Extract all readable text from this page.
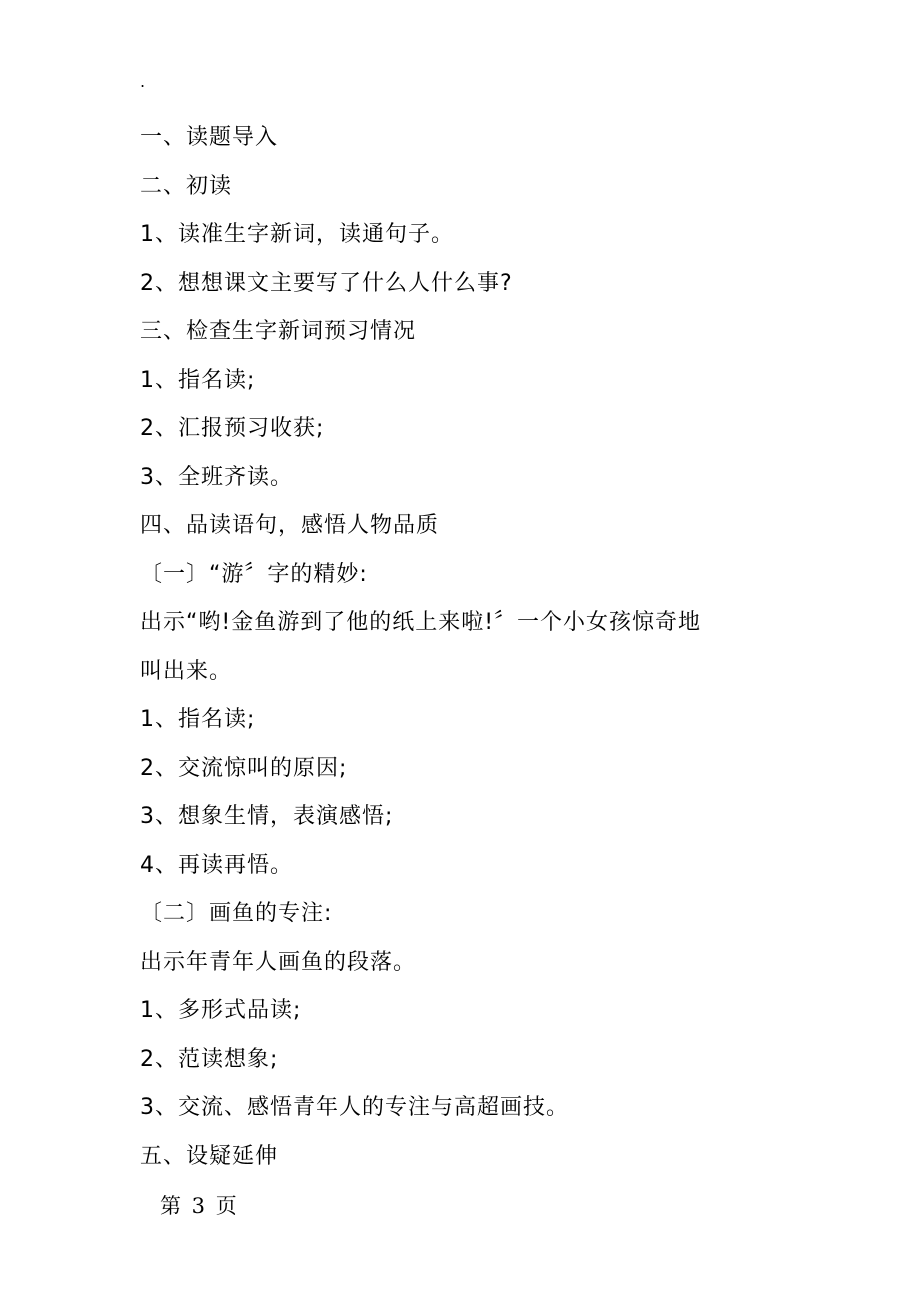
.
一、读题导入
二、初读
1、读准生字新词，读通句子。
2、想想课文主要写了什么人什么事?
三、检查生字新词预习情况
1、指名读;
2、汇报预习收获;
3、全班齐读。
四、品读语句，感悟人物品质
〔一〕“游〞字的精妙:
出示“哟!金鱼游到了他的纸上来啦!〞一个小女孩惊奇地
叫出来。
1、指名读;
2、交流惊叫的原因;
3、想象生情，表演感悟;
4、再读再悟。
〔二〕画鱼的专注:
出示年青年人画鱼的段落。
1、多形式品读;
2、范读想象;
3、交流、感悟青年人的专注与高超画技。
五、设疑延伸
第 3 页
